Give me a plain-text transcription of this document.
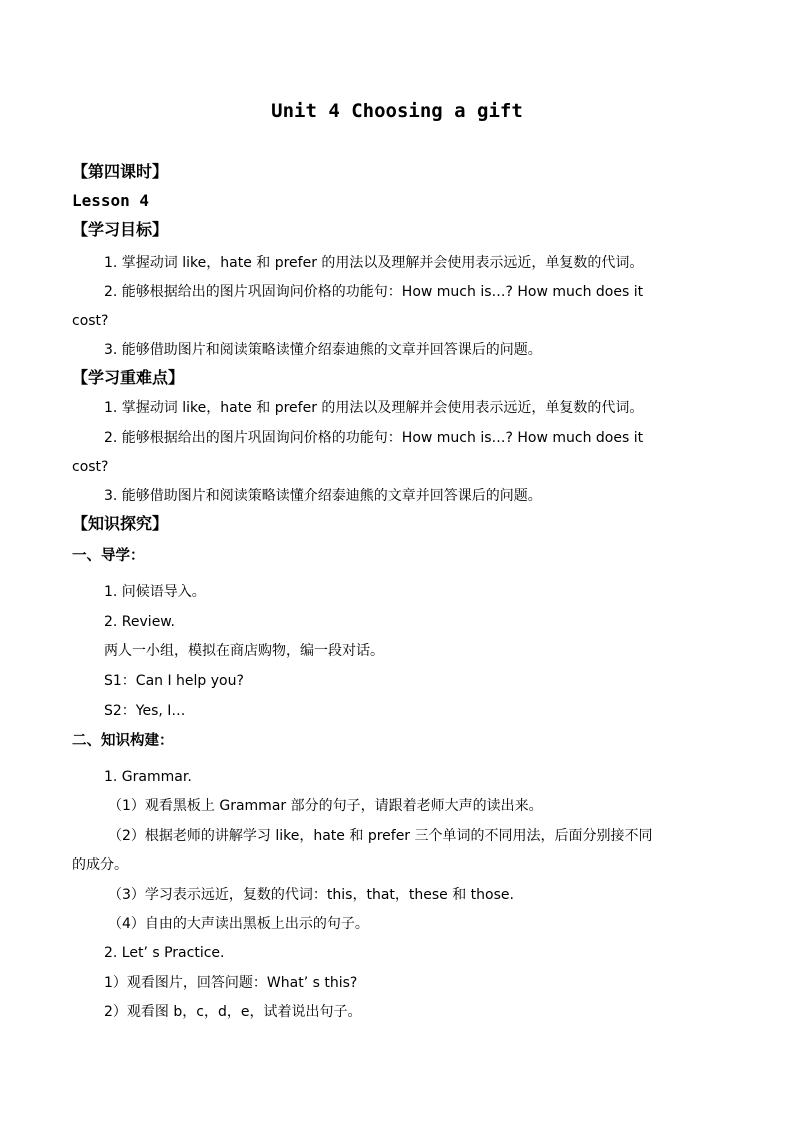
Unit 4 Choosing a gift
【第四课时】
Lesson 4
【学习目标】
1. 掌握动词 like，hate 和 prefer 的用法以及理解并会使用表示远近，单复数的代词。
2. 能够根据给出的图片巩固询问价格的功能句：How much is…? How much does it
cost?
3. 能够借助图片和阅读策略读懂介绍泰迪熊的文章并回答课后的问题。
【学习重难点】
1. 掌握动词 like，hate 和 prefer 的用法以及理解并会使用表示远近，单复数的代词。
2. 能够根据给出的图片巩固询问价格的功能句：How much is…? How much does it
cost?
3. 能够借助图片和阅读策略读懂介绍泰迪熊的文章并回答课后的问题。
【知识探究】
一、导学：
1. 问候语导入。
2. Review.
两人一小组，模拟在商店购物，编一段对话。
S1：Can I help you?
S2：Yes, I…
二、知识构建：
1. Grammar.
（1）观看黑板上 Grammar 部分的句子，请跟着老师大声的读出来。
（2）根据老师的讲解学习 like，hate 和 prefer 三个单词的不同用法，后面分别接不同
的成分。
（3）学习表示远近，复数的代词：this，that，these 和 those.
（4）自由的大声读出黑板上出示的句子。
2. Let’ s Practice.
1）观看图片，回答问题：What’ s this?
2）观看图 b，c，d，e，试着说出句子。
